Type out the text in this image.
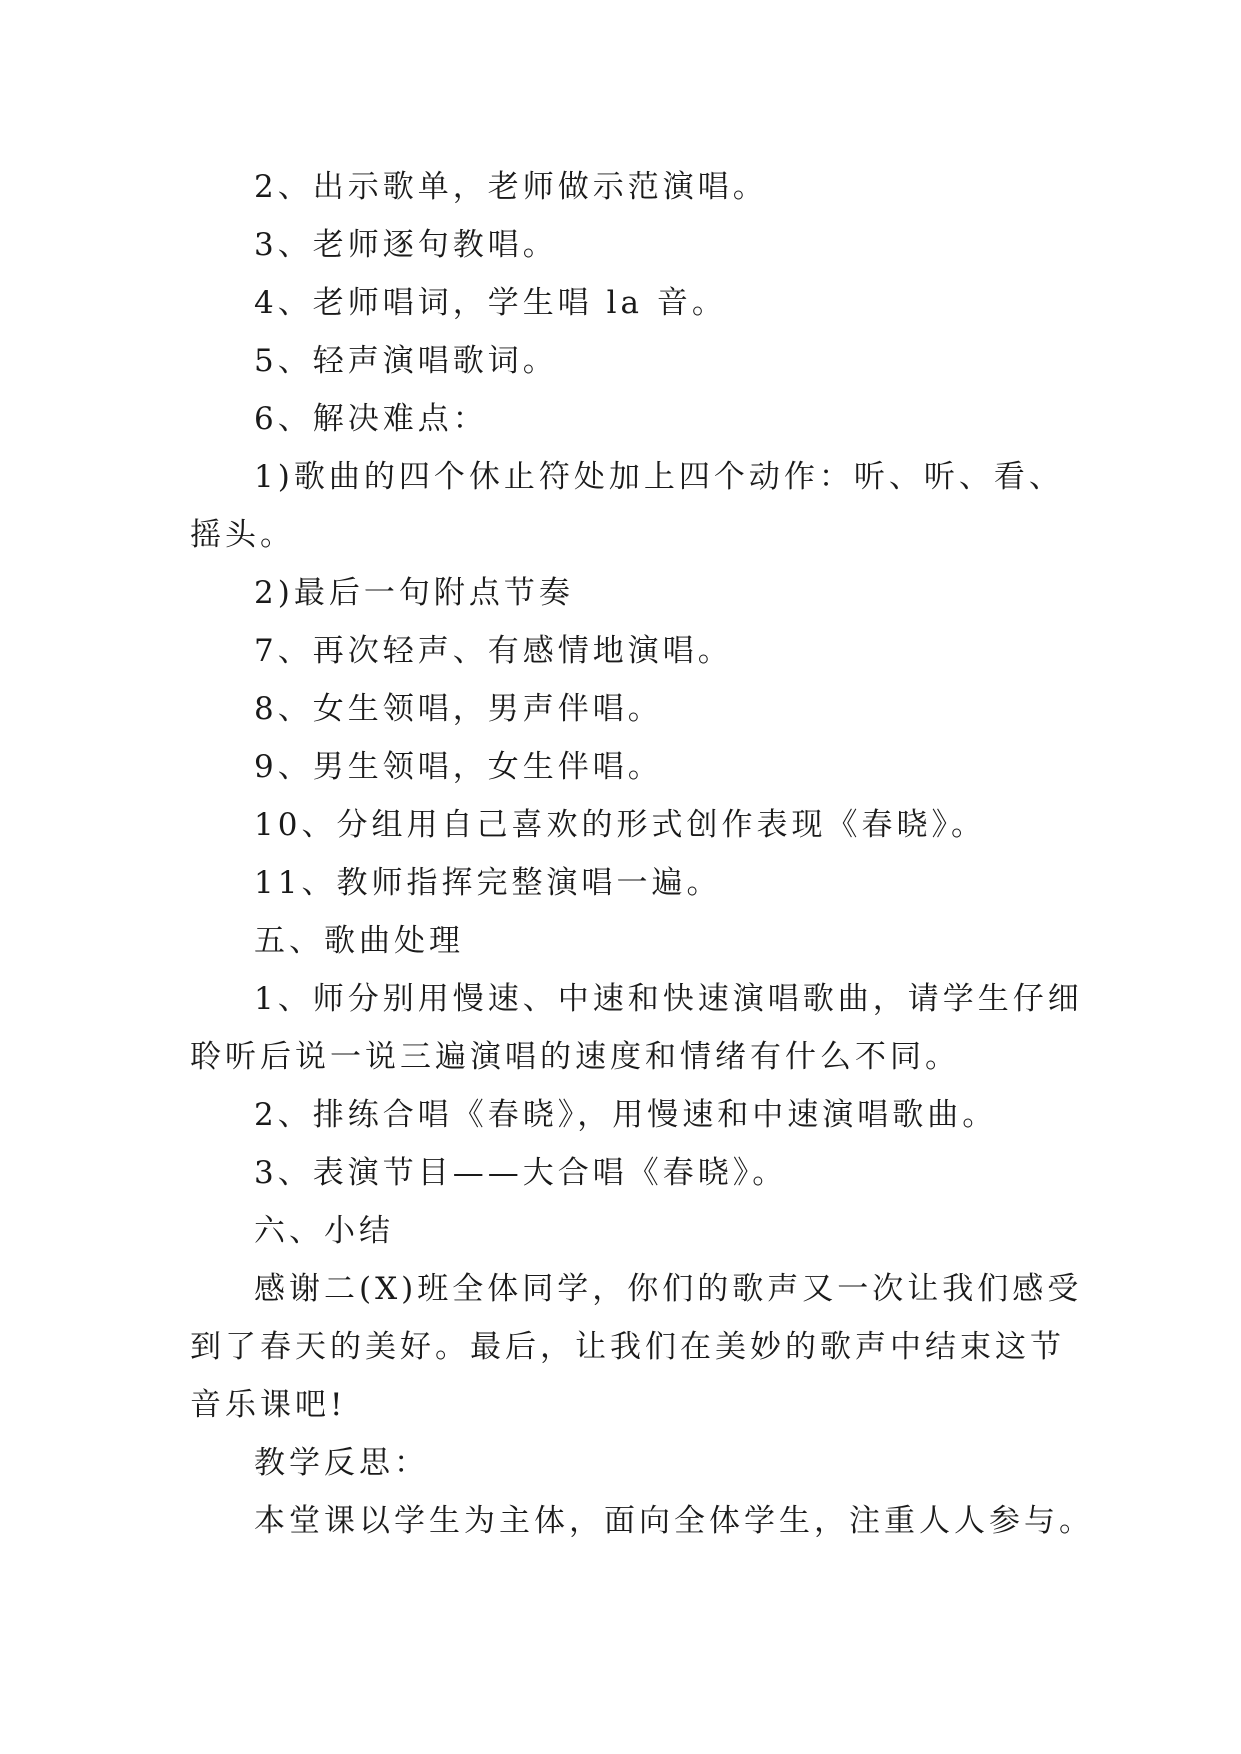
2、出示歌单，老师做示范演唱。

3、老师逐句教唱。

4、老师唱词，学生唱 la 音。

5、轻声演唱歌词。

6、解决难点：

1)歌曲的四个休止符处加上四个动作：听、听、看、摇头。

2)最后一句附点节奏

7、再次轻声、有感情地演唱。

8、女生领唱，男声伴唱。

9、男生领唱，女生伴唱。

10、分组用自己喜欢的形式创作表现《春晓》。

11、教师指挥完整演唱一遍。

五、歌曲处理

1、师分别用慢速、中速和快速演唱歌曲，请学生仔细聆听后说一说三遍演唱的速度和情绪有什么不同。

2、排练合唱《春晓》，用慢速和中速演唱歌曲。

3、表演节目——大合唱《春晓》。

六、小结

感谢二(X)班全体同学，你们的歌声又一次让我们感受到了春天的美好。最后，让我们在美妙的歌声中结束这节音乐课吧!

教学反思：

本堂课以学生为主体，面向全体学生，注重人人参与。
